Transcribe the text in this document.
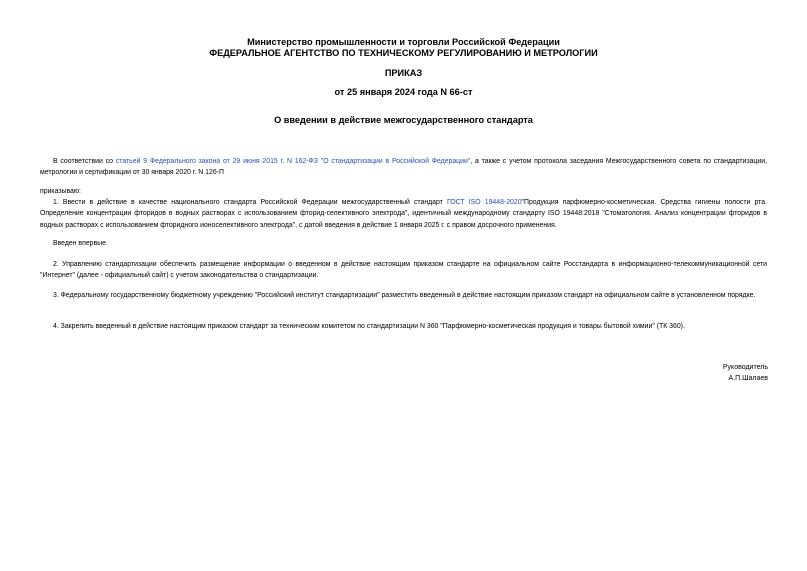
Министерство промышленности и торговли Российской Федерации
ФЕДЕРАЛЬНОЕ АГЕНТСТВО ПО ТЕХНИЧЕСКОМУ РЕГУЛИРОВАНИЮ И МЕТРОЛОГИИ
ПРИКАЗ
от 25 января 2024 года N 66-ст
О введении в действие межгосударственного стандарта
В соответствии со статьей 9 Федерального закона от 29 июня 2015 г. N 162-ФЗ "О стандартизации в Российской Федерации", а также с учетом протокола заседания Межгосударственного совета по стандартизации, метрологии и сертификации от 30 января 2020 г. N 126-П
приказываю:
1. Ввести в действие в качестве национального стандарта Российской Федерации межгосударственный стандарт ГОСТ ISO 19448-2020"Продукция парфюмерно-косметическая. Средства гигиены полости рта. Определение концентрации фторидов в водных растворах с использованием фторид-селективного электрода", идентичный международному стандарту ISO 19448:2018 "Стоматология. Анализ концентрации фторидов в водных растворах с использованием фторидного ионоселективного электрода", с датой введения в действие 1 января 2025 г. с правом досрочного применения.
Введен впервые.
2. Управлению стандартизации обеспечить размещение информации о введенном в действие настоящим приказом стандарте на официальном сайте Росстандарта в информационно-телекоммуникационной сети "Интернет" (далее - официальный сайт) с учетом законодательства о стандартизации.
3. Федеральному государственному бюджетному учреждению "Российский институт стандартизации" разместить введенный в действие настоящим приказом стандарт на официальном сайте в установленном порядке.
4. Закрепить введенный в действие настоящим приказом стандарт за техническим комитетом по стандартизации N 360 "Парфюмерно-косметическая продукция и товары бытовой химии" (ТК 360).
Руководитель
А.П.Шалаев
